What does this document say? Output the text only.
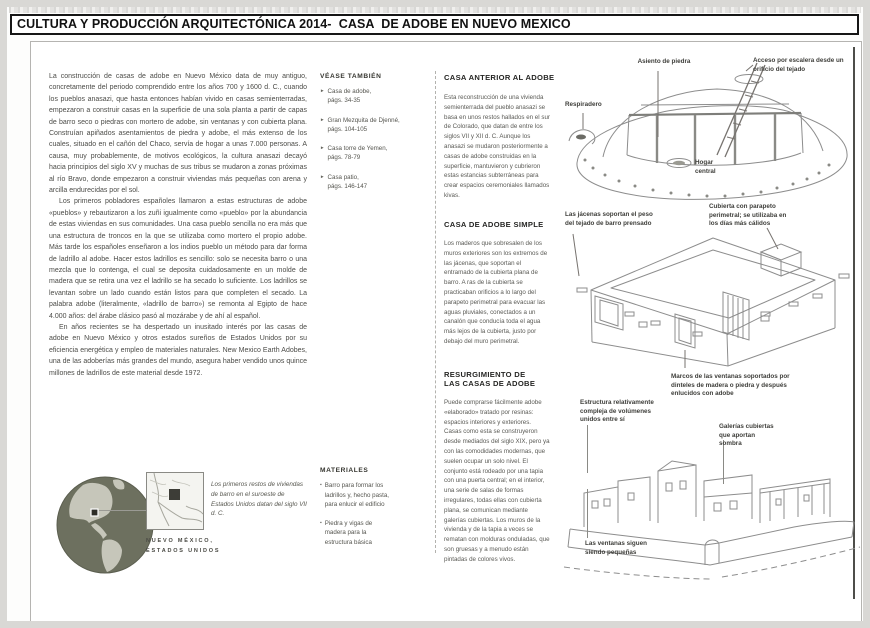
CULTURA Y PRODUCCIÓN ARQUITECTÓNICA 2014-  CASA  DE ADOBE EN NUEVO MEXICO

La construcción de casas de adobe en Nuevo México data de muy antiguo, concretamente del periodo comprendido entre los años 700 y 1600 d. C., cuando los pueblos anasazi, que hasta entonces habían vivido en casas semienterradas, empezaron a construir casas en la superficie de una sola planta a partir de capas de barro seco o piedras con mortero de adobe, sin ventanas y con cubierta plana. Construían apiñados asentamientos de piedra y adobe, el más extenso de los cuales, situado en el cañón del Chaco, servía de hogar a unas 7.000 personas. A causa, muy probablemente, de motivos ecológicos, la cultura anasazi decayó hacia principios del siglo XV y muchas de sus tribus se mudaron a zonas próximas al río Bravo, donde empezaron a construir viviendas más pequeñas con arena y arcilla endurecidas por el sol.

Los primeros pobladores españoles llamaron a estas estructuras de adobe «pueblos» y rebautizaron a los zuñi igualmente como «pueblo» por la abundancia de estas viviendas en sus comunidades. Una casa pueblo sencilla no era más que una estructura de troncos en la que se utilizaba como mortero el propio adobe. Más tarde los españoles enseñaron a los indios pueblo un método para dar forma de ladrillo al adobe. Hacer estos ladrillos es sencillo: solo se necesita barro o una mezcla que lo contenga, el cual se deposita cuidadosamente en un molde de madera que se retira una vez el ladrillo se ha secado lo suficiente. Los ladrillos se levantan sobre un lado cuando están listos para que completen el secado. La palabra adobe (literalmente, «ladrillo de barro») se remonta al Egipto de hace 4.000 años: del árabe clásico pasó al mozárabe y de ahí al español.

En años recientes se ha despertado un inusitado interés por las casas de adobe en Nuevo México y otros estados sureños de Estados Unidos por su eficiencia energética y empleo de materiales naturales. New Mexico Earth Adobes, una de las adoberías más grandes del mundo, asegura haber vendido unos quince millones de ladrillos de este material desde 1972.

VÉASE TAMBIÉN

► Casa de adobe,
págs. 34-35
► Gran Mezquita de Djenné,
págs. 104-105
► Casa torre de Yemen,
págs. 78-79
► Casa patio,
págs. 146-147

MATERIALES

▪ Barro para formar los ladrillos y, hecho pasta, para enlucir el edificio
▪ Piedra y vigas de madera para la estructura básica
CASA ANTERIOR AL ADOBE
Esta reconstrucción de una vivienda semienterrada del pueblo anasazi se basa en unos restos hallados en el sur de Colorado, que datan de entre los siglos VII y XII d. C. Aunque los anasazi se mudaron posteriormente a casas de adobe construidas en la superficie, mantuvieron y cubrieron estas estancias subterráneas para crear espacios ceremoniales llamados kivas.
CASA DE ADOBE SIMPLE
Los maderos que sobresalen de los muros exteriores son los extremos de las jácenas, que soportan el entramado de la cubierta plana de barro. A ras de la cubierta se practicaban orificios a lo largo del parapeto perimetral para evacuar las aguas pluviales, conectados a un canalón que conducía toda el agua más lejos de la cubierta, justo por debajo del muro perimetral.
RESURGIMIENTO DE LAS CASAS DE ADOBE
Puede comprarse fácilmente adobe «elaborado» tratado por resinas: espacios interiores y exteriores. Casas como esta se construyeron desde mediados del siglo XIX, pero ya con las comodidades modernas, que suelen ocupar un solo nivel. El conjunto está rodeado por una tapia con una puerta central; en el interior, una serie de salas de formas irregulares, todas ellas con cubierta plana, se comunican mediante galerías cubiertas. Los muros de la vivienda y de la tapia a veces se rematan con molduras onduladas, que son gruesas y a menudo están pintadas de colores vivos.
Asiento de piedra	Acceso por escalera desde un orificio del tejado
Respiradero
Hogar central
Las jácenas soportan el peso del tejado de barro prensado
Cubierta con parapeto perimetral; se utilizaba en los días más cálidos
Marcos de las ventanas soportados por dinteles de madera o piedra y después enlucidos con adobe
Estructura relativamente compleja de volúmenes unidos entre sí
Galerías cubiertas que aportan sombra
Las ventanas siguen siendo pequeñas
NUEVO MÉXICO,
ESTADOS UNIDOS
Los primeros restos de viviendas de barro en el suroeste de Estados Unidos datan del siglo VII d. C.
